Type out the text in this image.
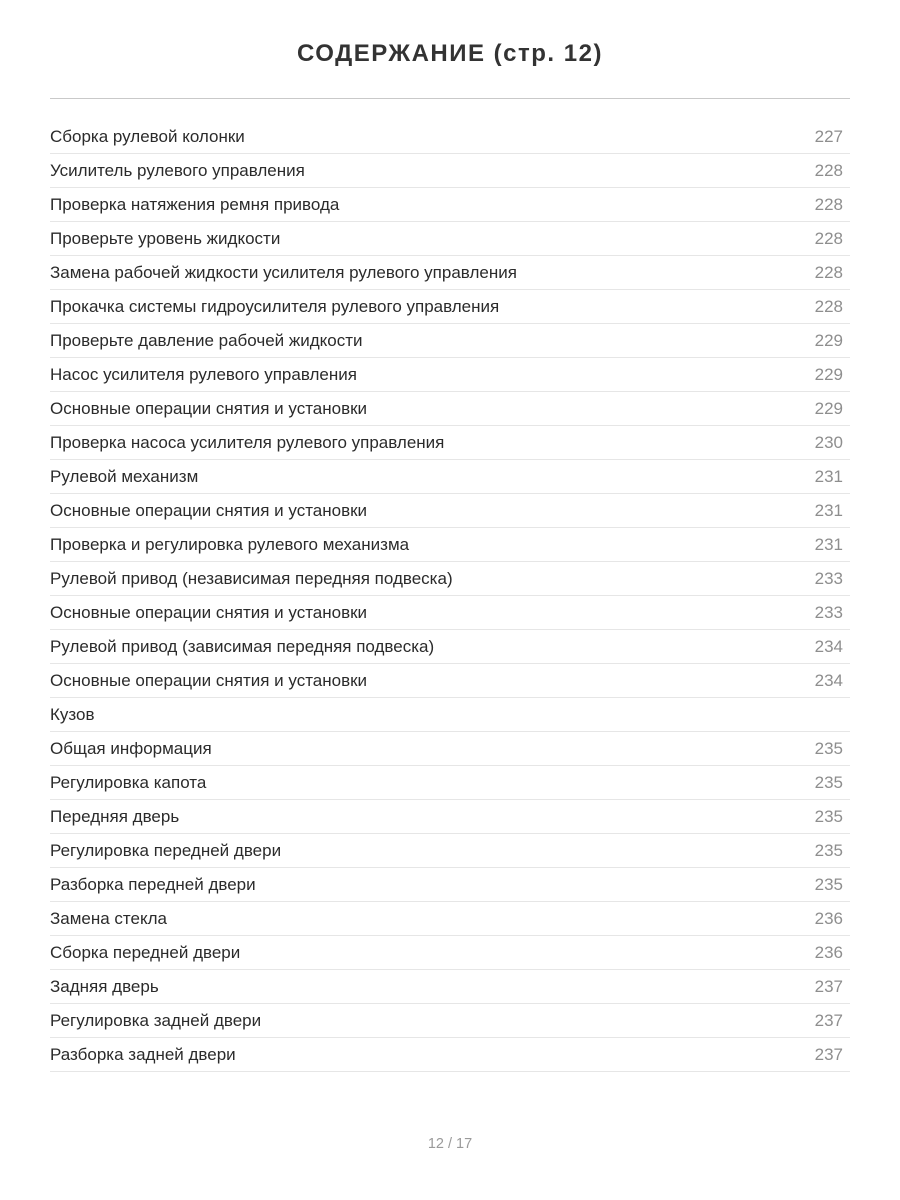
СОДЕРЖАНИЕ (стр. 12)
Сборка рулевой колонки	227
Усилитель рулевого управления	228
Проверка натяжения ремня привода	228
Проверьте уровень жидкости	228
Замена рабочей жидкости усилителя рулевого управления	228
Прокачка системы гидроусилителя рулевого управления	228
Проверьте давление рабочей жидкости	229
Насос усилителя рулевого управления	229
Основные операции снятия и установки	229
Проверка насоса усилителя рулевого управления	230
Рулевой механизм	231
Основные операции снятия и установки	231
Проверка и регулировка рулевого механизма	231
Рулевой привод (независимая передняя подвеска)	233
Основные операции снятия и установки	233
Рулевой привод (зависимая передняя подвеска)	234
Основные операции снятия и установки	234
Кузов
Общая информация	235
Регулировка капота	235
Передняя дверь	235
Регулировка передней двери	235
Разборка передней двери	235
Замена стекла	236
Сборка передней двери	236
Задняя дверь	237
Регулировка задней двери	237
Разборка задней двери	237
12 / 17
